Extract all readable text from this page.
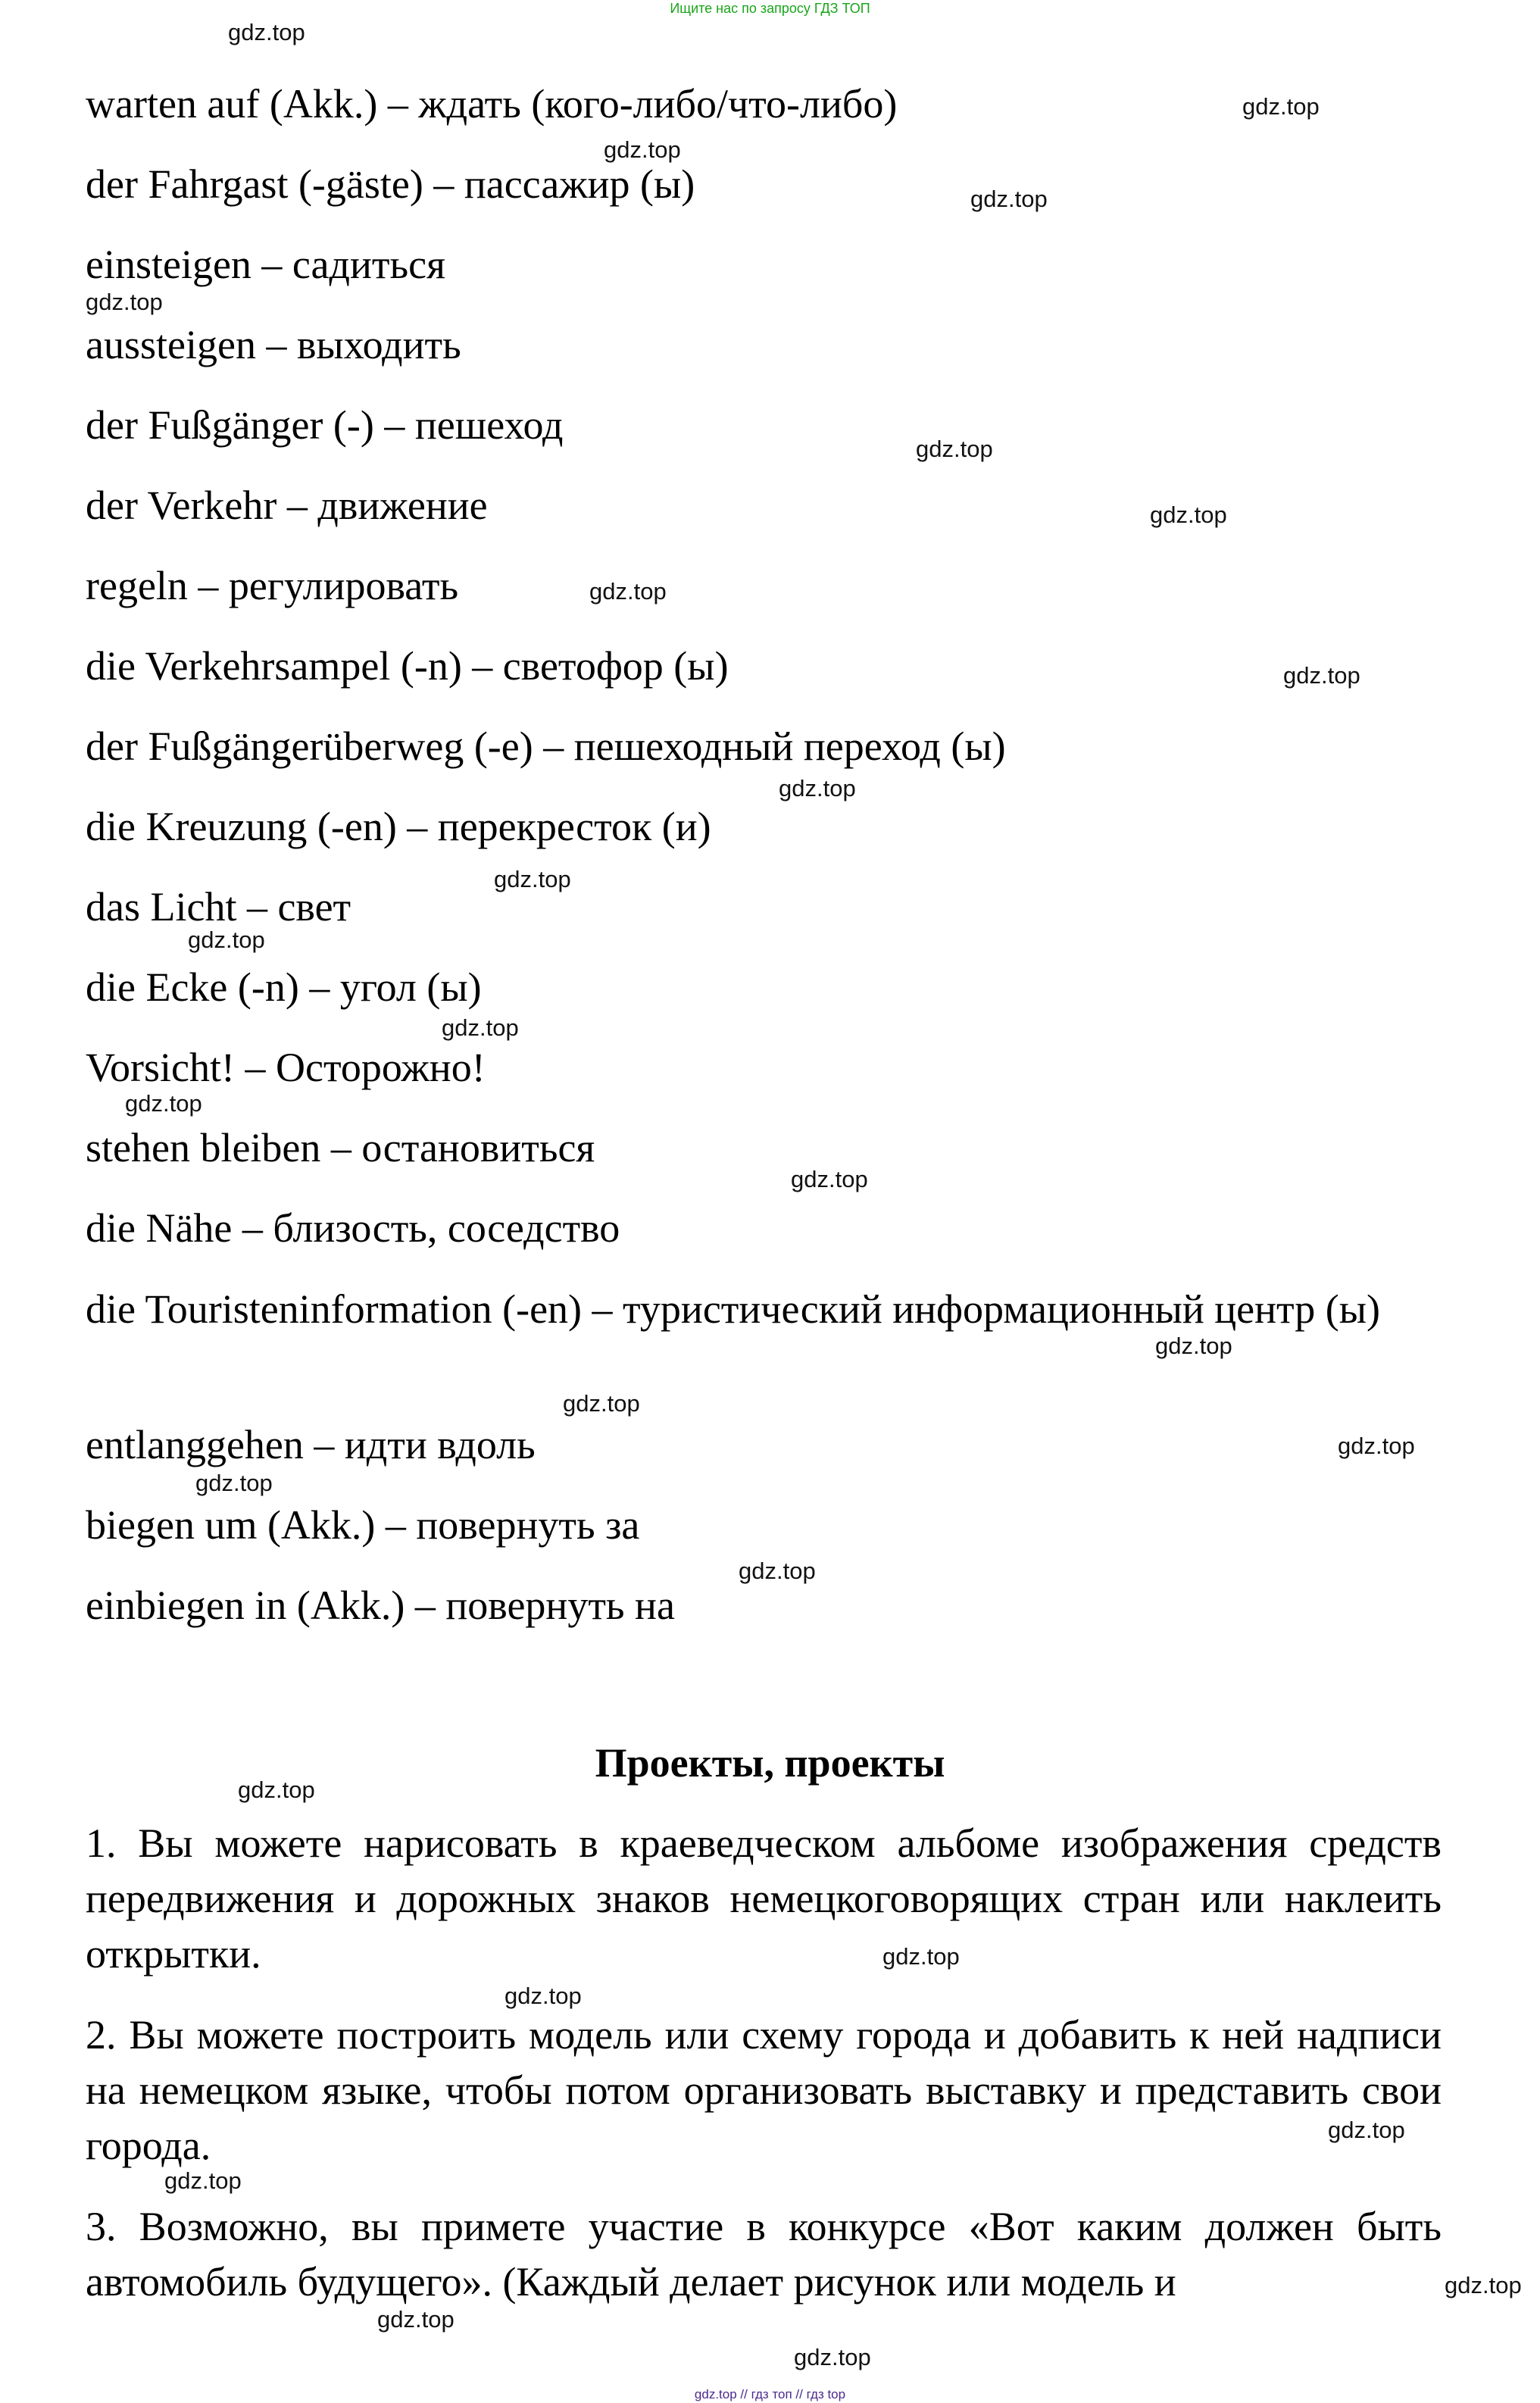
Ищите нас по запросу ГДЗ ТОП
warten auf (Akk.) – ждать (кого-либо/что-либо)
der Fahrgast (-gäste) – пассажир (ы)
einsteigen – садиться
aussteigen – выходить
der Fußgänger (-) – пешеход
der Verkehr – движение
regeln – регулировать
die Verkehrsampel (-n) – светофор (ы)
der Fußgängerüberweg (-e) – пешеходный переход (ы)
die Kreuzung (-en) – перекресток (и)
das Licht – свет
die Ecke (-n) – угол (ы)
Vorsicht! – Осторожно!
stehen bleiben – остановиться
die Nähe – близость, соседство
die Touristeninformation (-en) – туристический информационный центр (ы)
entlanggehen – идти вдоль
biegen um (Akk.) – повернуть за
einbiegen in (Akk.) – повернуть на
Проекты, проекты
1. Вы можете нарисовать в краеведческом альбоме изображения средств передвижения и дорожных знаков немецкоговорящих стран или наклеить открытки.
2. Вы можете построить модель или схему города и добавить к ней надписи на немецком языке, чтобы потом организовать выставку и представить свои города.
3. Возможно, вы примете участие в конкурсе «Вот каким должен быть автомобиль будущего». (Каждый делает рисунок или модель и
gdz.top
gdz.top
gdz.top
gdz.top
gdz.top
gdz.top
gdz.top
gdz.top
gdz.top
gdz.top
gdz.top
gdz.top
gdz.top
gdz.top
gdz.top
gdz.top
gdz.top
gdz.top
gdz.top
gdz.top
gdz.top
gdz.top
gdz.top
gdz.top
gdz.top
gdz.top
gdz.top
gdz.top
gdz.top // гдз топ // гдз top
